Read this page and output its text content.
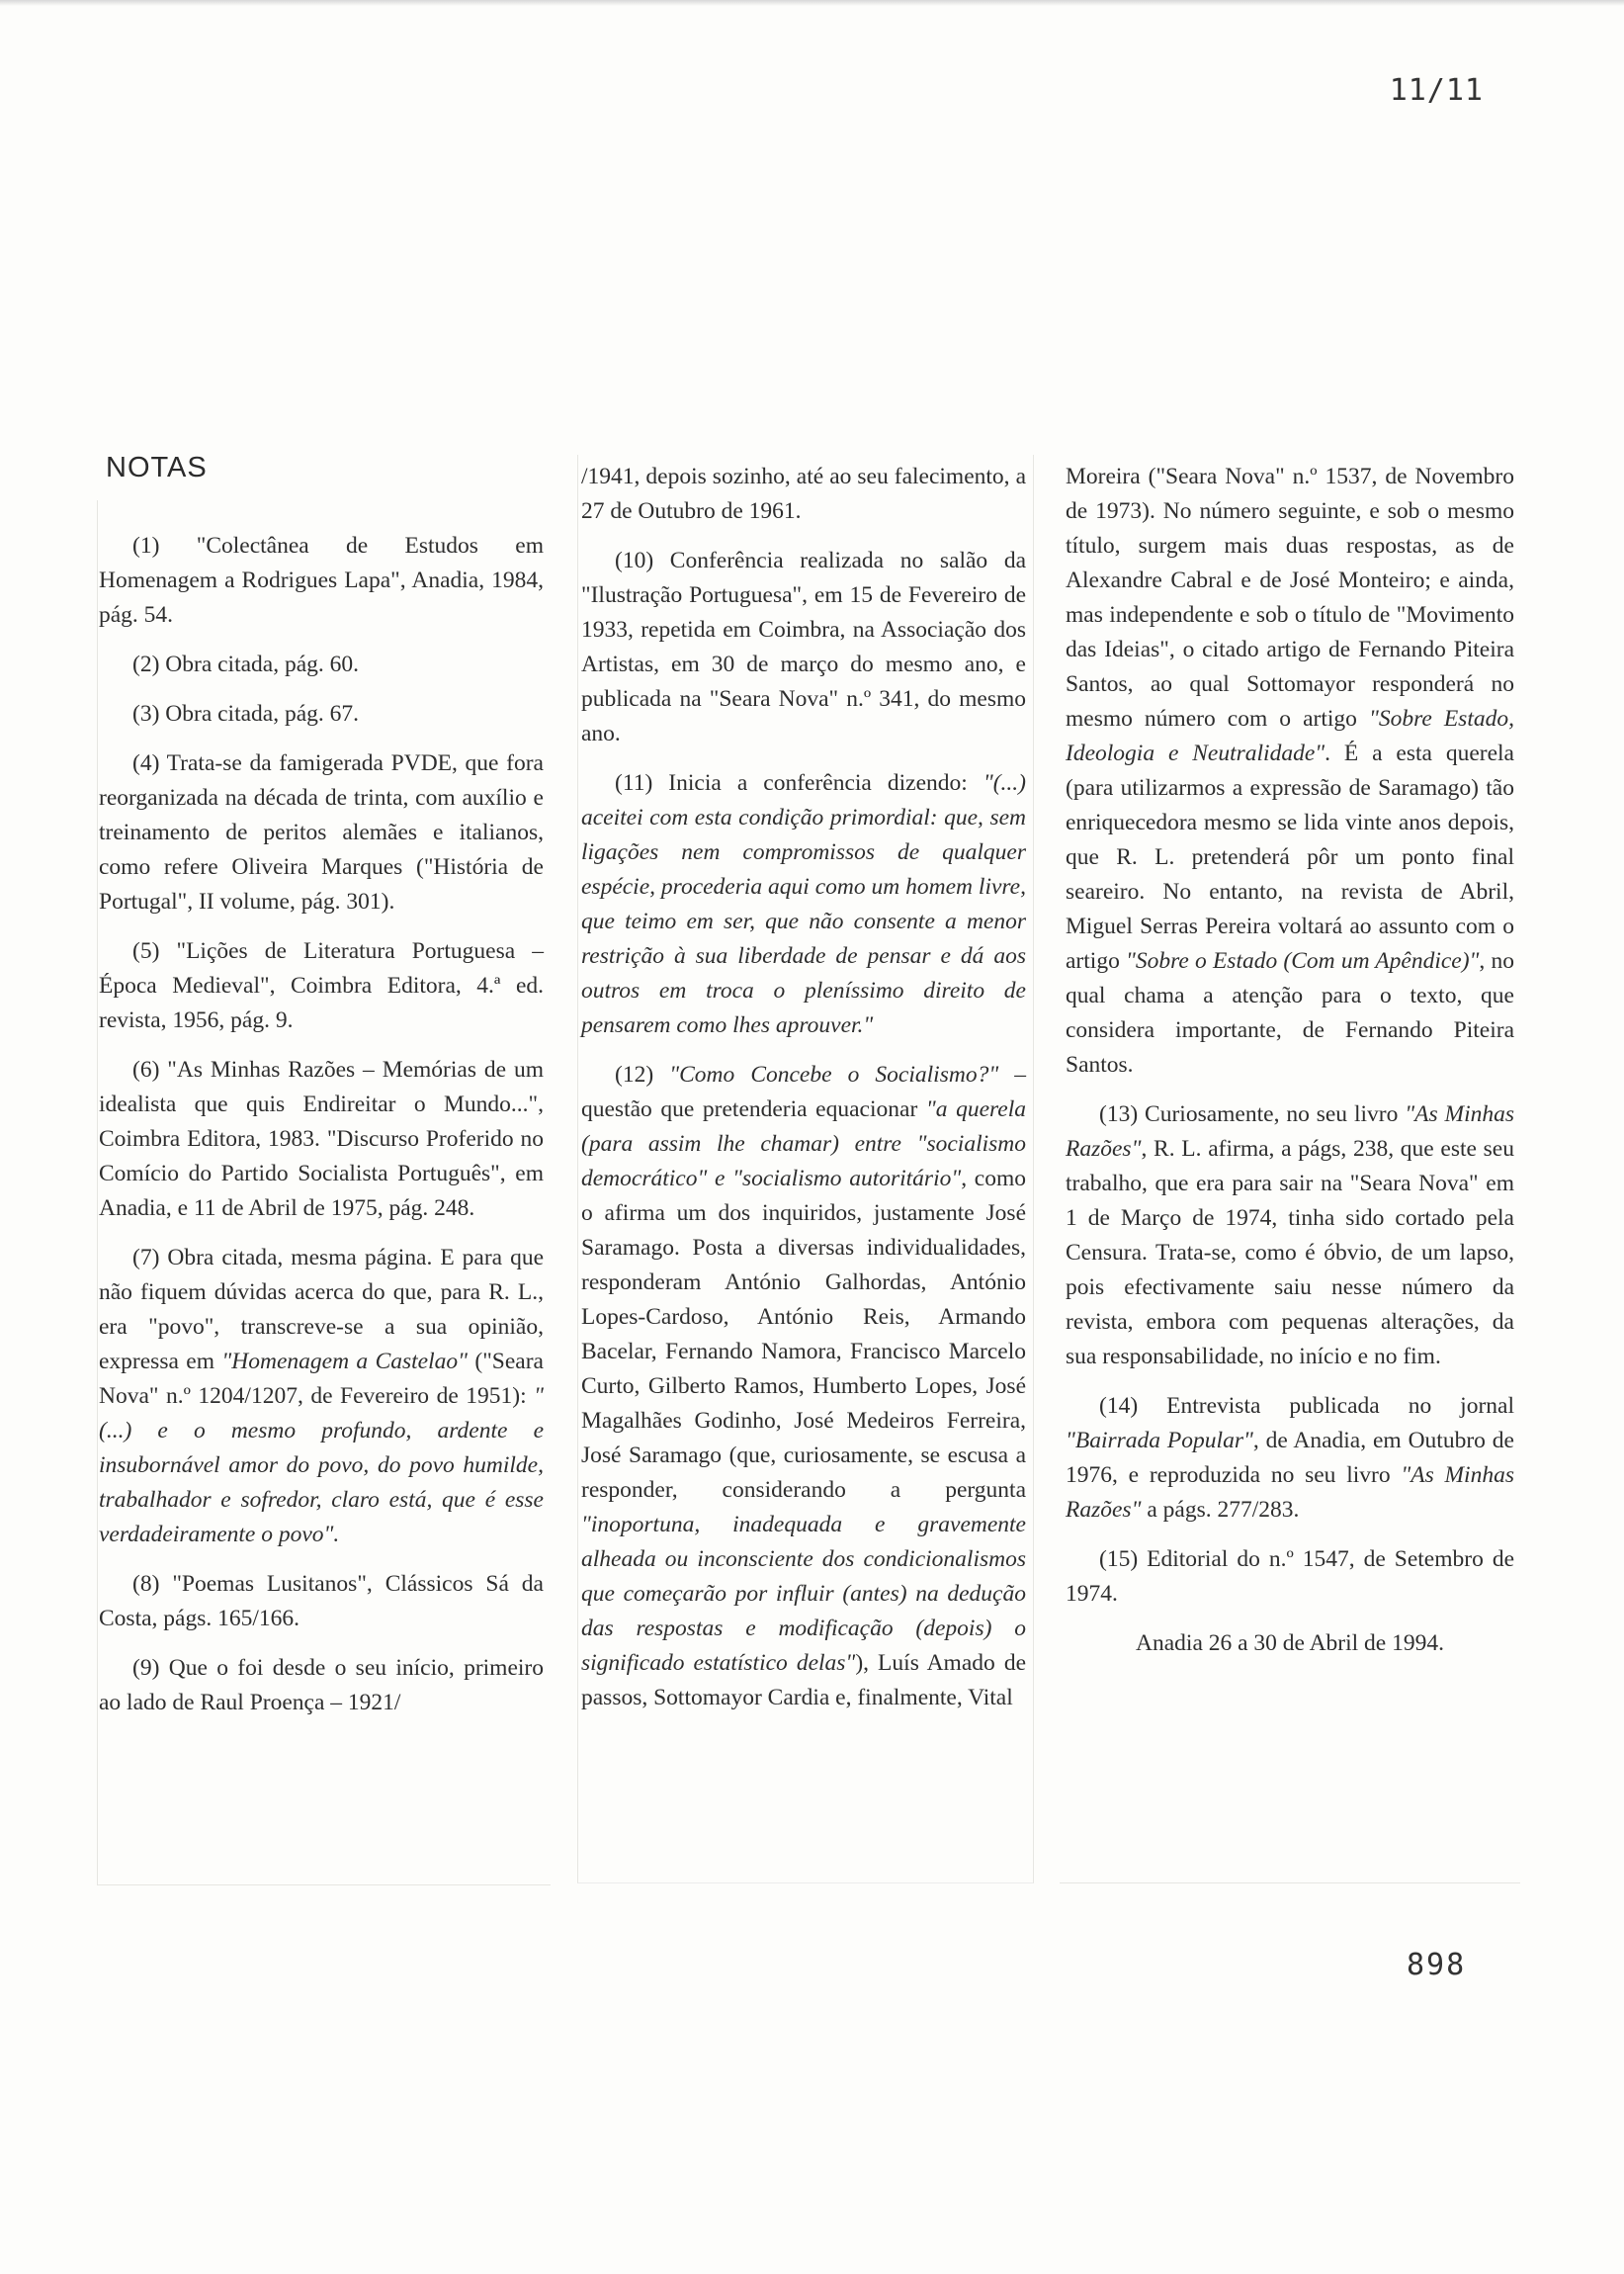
11/11
NOTAS

(1) "Colectânea de Estudos em Homenagem a Rodrigues Lapa", Anadia, 1984, pág. 54.

(2) Obra citada, pág. 60.

(3) Obra citada, pág. 67.

(4) Trata-se da famigerada PVDE, que fora reorganizada na década de trinta, com auxílio e treinamento de peritos alemães e italianos, como refere Oliveira Marques ("História de Portugal", II volume, pág. 301).

(5) "Lições de Literatura Portuguesa – Época Medieval", Coimbra Editora, 4.ª ed. revista, 1956, pág. 9.

(6) "As Minhas Razões – Memórias de um idealista que quis Endireitar o Mundo...", Coimbra Editora, 1983. "Discurso Proferido no Comício do Partido Socialista Português", em Anadia, e 11 de Abril de 1975, pág. 248.

(7) Obra citada, mesma página. E para que não fiquem dúvidas acerca do que, para R. L., era "povo", transcreve-se a sua opinião, expressa em "Homenagem a Castelao" ("Seara Nova" n.º 1204/1207, de Fevereiro de 1951): "(...) e o mesmo profundo, ardente e insubornável amor do povo, do povo humilde, trabalhador e sofredor, claro está, que é esse verdadeiramente o povo".

(8) "Poemas Lusitanos", Clássicos Sá da Costa, págs. 165/166.

(9) Que o foi desde o seu início, primeiro ao lado de Raul Proença – 1921/

/1941, depois sozinho, até ao seu falecimento, a 27 de Outubro de 1961.

(10) Conferência realizada no salão da "Ilustração Portuguesa", em 15 de Fevereiro de 1933, repetida em Coimbra, na Associação dos Artistas, em 30 de março do mesmo ano, e publicada na "Seara Nova" n.º 341, do mesmo ano.

(11) Inicia a conferência dizendo: "(...) aceitei com esta condição primordial: que, sem ligações nem compromissos de qualquer espécie, procederia aqui como um homem livre, que teimo em ser, que não consente a menor restrição à sua liberdade de pensar e dá aos outros em troca o pleníssimo direito de pensarem como lhes aprouver."

(12) "Como Concebe o Socialismo?" – questão que pretenderia equacionar "a querela (para assim lhe chamar) entre "socialismo democrático" e "socialismo autoritário", como o afirma um dos inquiridos, justamente José Saramago. Posta a diversas individualidades, responderam António Galhordas, António Lopes-Cardoso, António Reis, Armando Bacelar, Fernando Namora, Francisco Marcelo Curto, Gilberto Ramos, Humberto Lopes, José Magalhães Godinho, José Medeiros Ferreira, José Saramago (que, curiosamente, se escusa a responder, considerando a pergunta "inoportuna, inadequada e gravemente alheada ou inconsciente dos condicionalismos que começarão por influir (antes) na dedução das respostas e modificação (depois) o significado estatístico delas"), Luís Amado de passos, Sottomayor Cardia e, finalmente, Vital

Moreira ("Seara Nova" n.º 1537, de Novembro de 1973). No número seguinte, e sob o mesmo título, surgem mais duas respostas, as de Alexandre Cabral e de José Monteiro; e ainda, mas independente e sob o título de "Movimento das Ideias", o citado artigo de Fernando Piteira Santos, ao qual Sottomayor responderá no mesmo número com o artigo "Sobre Estado, Ideologia e Neutralidade". É a esta querela (para utilizarmos a expressão de Saramago) tão enriquecedora mesmo se lida vinte anos depois, que R. L. pretenderá pôr um ponto final seareiro. No entanto, na revista de Abril, Miguel Serras Pereira voltará ao assunto com o artigo "Sobre o Estado (Com um Apêndice)", no qual chama a atenção para o texto, que considera importante, de Fernando Piteira Santos.

(13) Curiosamente, no seu livro "As Minhas Razões", R. L. afirma, a págs, 238, que este seu trabalho, que era para sair na "Seara Nova" em 1 de Março de 1974, tinha sido cortado pela Censura. Trata-se, como é óbvio, de um lapso, pois efectivamente saiu nesse número da revista, embora com pequenas alterações, da sua responsabilidade, no início e no fim.

(14) Entrevista publicada no jornal "Bairrada Popular", de Anadia, em Outubro de 1976, e reproduzida no seu livro "As Minhas Razões" a págs. 277/283.

(15) Editorial do n.º 1547, de Setembro de 1974.

Anadia 26 a 30 de Abril de 1994.

898
